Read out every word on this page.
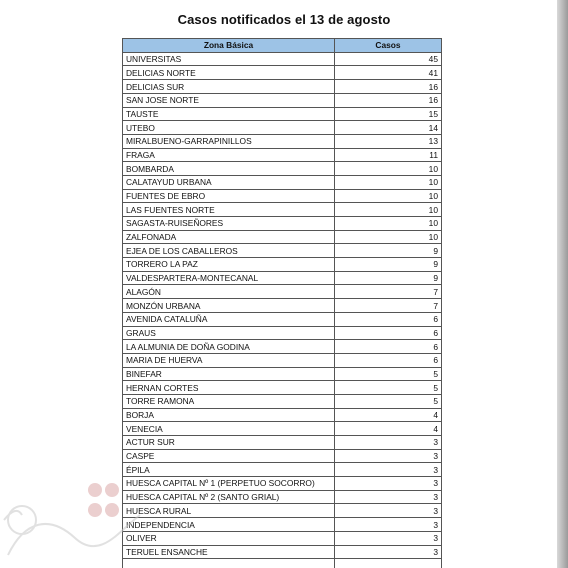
Casos notificados el 13 de agosto
Zona Básica	Casos
UNIVERSITAS	45
DELICIAS NORTE	41
DELICIAS SUR	16
SAN JOSE NORTE	16
TAUSTE	15
UTEBO	14
MIRALBUENO-GARRAPINILLOS	13
FRAGA	11
BOMBARDA	10
CALATAYUD URBANA	10
FUENTES DE EBRO	10
LAS FUENTES NORTE	10
SAGASTA-RUISEÑORES	10
ZALFONADA	10
EJEA DE LOS CABALLEROS	9
TORRERO LA PAZ	9
VALDESPARTERA-MONTECANAL	9
ALAGÓN	7
MONZÓN URBANA	7
AVENIDA CATALUÑA	6
GRAUS	6
LA ALMUNIA DE DOÑA GODINA	6
MARIA DE HUERVA	6
BINEFAR	5
HERNAN CORTES	5
TORRE RAMONA	5
BORJA	4
VENECIA	4
ACTUR SUR	3
CASPE	3
ÉPILA	3
HUESCA CAPITAL Nº 1 (PERPETUO SOCORRO)	3
HUESCA CAPITAL Nº 2 (SANTO GRIAL)	3
HUESCA RURAL	3
INDEPENDENCIA	3
OLIVER	3
TERUEL ENSANCHE	3
